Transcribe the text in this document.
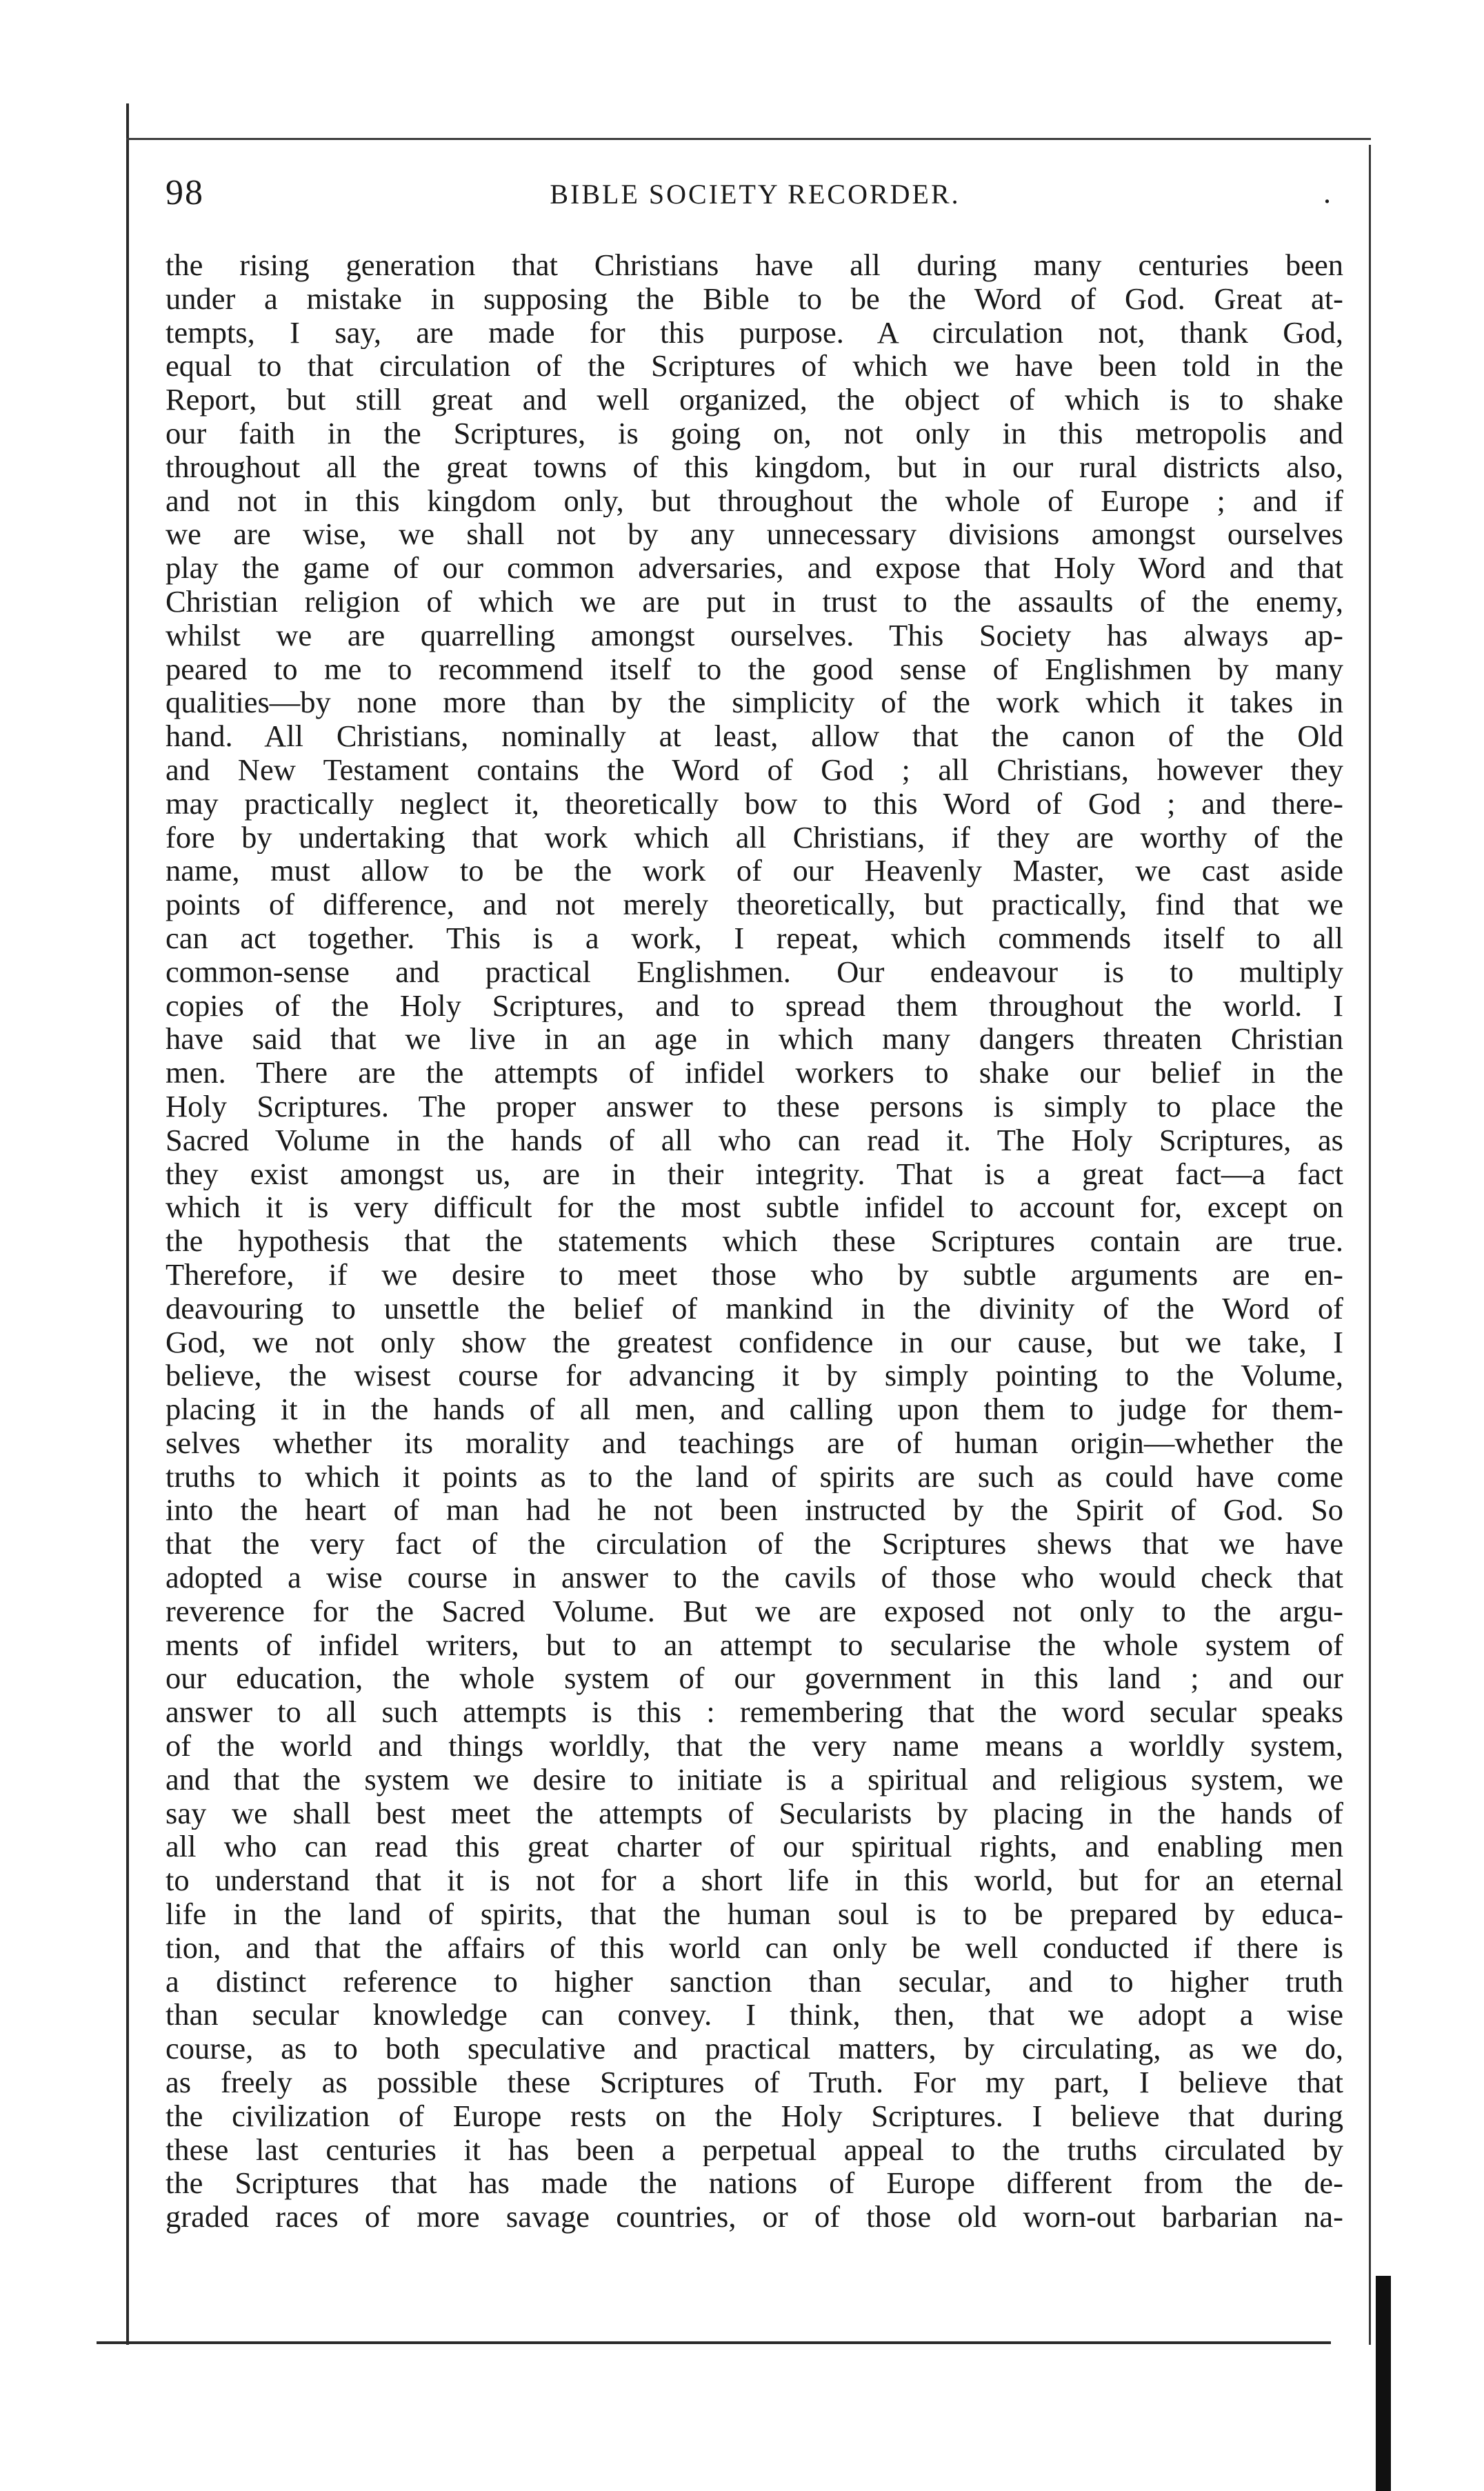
98	BIBLE SOCIETY RECORDER.	.
the rising generation that Christians have all during many centuries been
under a mistake in supposing the Bible to be the Word of God. Great at-
tempts, I say, are made for this purpose. A circulation not, thank God,
equal to that circulation of the Scriptures of which we have been told in the
Report, but still great and well organized, the object of which is to shake
our faith in the Scriptures, is going on, not only in this metropolis and
throughout all the great towns of this kingdom, but in our rural districts also,
and not in this kingdom only, but throughout the whole of Europe ; and if
we are wise, we shall not by any unnecessary divisions amongst ourselves
play the game of our common adversaries, and expose that Holy Word and that
Christian religion of which we are put in trust to the assaults of the enemy,
whilst we are quarrelling amongst ourselves. This Society has always ap-
peared to me to recommend itself to the good sense of Englishmen by many
qualities—by none more than by the simplicity of the work which it takes in
hand. All Christians, nominally at least, allow that the canon of the Old
and New Testament contains the Word of God ; all Christians, however they
may practically neglect it, theoretically bow to this Word of God ; and there-
fore by undertaking that work which all Christians, if they are worthy of the
name, must allow to be the work of our Heavenly Master, we cast aside
points of difference, and not merely theoretically, but practically, find that we
can act together. This is a work, I repeat, which commends itself to all
common-sense and practical Englishmen. Our endeavour is to multiply
copies of the Holy Scriptures, and to spread them throughout the world. I
have said that we live in an age in which many dangers threaten Christian
men. There are the attempts of infidel workers to shake our belief in the
Holy Scriptures. The proper answer to these persons is simply to place the
Sacred Volume in the hands of all who can read it. The Holy Scriptures, as
they exist amongst us, are in their integrity. That is a great fact—a fact
which it is very difficult for the most subtle infidel to account for, except on
the hypothesis that the statements which these Scriptures contain are true.
Therefore, if we desire to meet those who by subtle arguments are en-
deavouring to unsettle the belief of mankind in the divinity of the Word of
God, we not only show the greatest confidence in our cause, but we take, I
believe, the wisest course for advancing it by simply pointing to the Volume,
placing it in the hands of all men, and calling upon them to judge for them-
selves whether its morality and teachings are of human origin—whether the
truths to which it points as to the land of spirits are such as could have come
into the heart of man had he not been instructed by the Spirit of God. So
that the very fact of the circulation of the Scriptures shews that we have
adopted a wise course in answer to the cavils of those who would check that
reverence for the Sacred Volume. But we are exposed not only to the argu-
ments of infidel writers, but to an attempt to secularise the whole system of
our education, the whole system of our government in this land ; and our
answer to all such attempts is this : remembering that the word secular speaks
of the world and things worldly, that the very name means a worldly system,
and that the system we desire to initiate is a spiritual and religious system, we
say we shall best meet the attempts of Secularists by placing in the hands of
all who can read this great charter of our spiritual rights, and enabling men
to understand that it is not for a short life in this world, but for an eternal
life in the land of spirits, that the human soul is to be prepared by educa-
tion, and that the affairs of this world can only be well conducted if there is
a distinct reference to higher sanction than secular, and to higher truth
than secular knowledge can convey. I think, then, that we adopt a wise
course, as to both speculative and practical matters, by circulating, as we do,
as freely as possible these Scriptures of Truth. For my part, I believe that
the civilization of Europe rests on the Holy Scriptures. I believe that during
these last centuries it has been a perpetual appeal to the truths circulated by
the Scriptures that has made the nations of Europe different from the de-
graded races of more savage countries, or of those old worn-out barbarian na-
